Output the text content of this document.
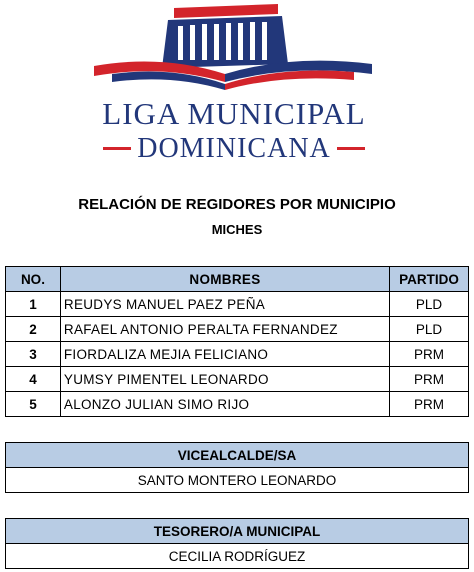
LIGA MUNICIPAL
DOMINICANA
RELACIÓN DE REGIDORES POR MUNICIPIO
MICHES
NO.	NOMBRES	PARTIDO
1	REUDYS MANUEL PAEZ PEÑA	PLD
2	RAFAEL ANTONIO PERALTA FERNANDEZ	PLD
3	FIORDALIZA MEJIA FELICIANO	PRM
4	YUMSY PIMENTEL LEONARDO	PRM
5	ALONZO JULIAN SIMO RIJO	PRM
VICEALCALDE/SA
SANTO MONTERO LEONARDO
TESORERO/A MUNICIPAL
CECILIA RODRÍGUEZ
